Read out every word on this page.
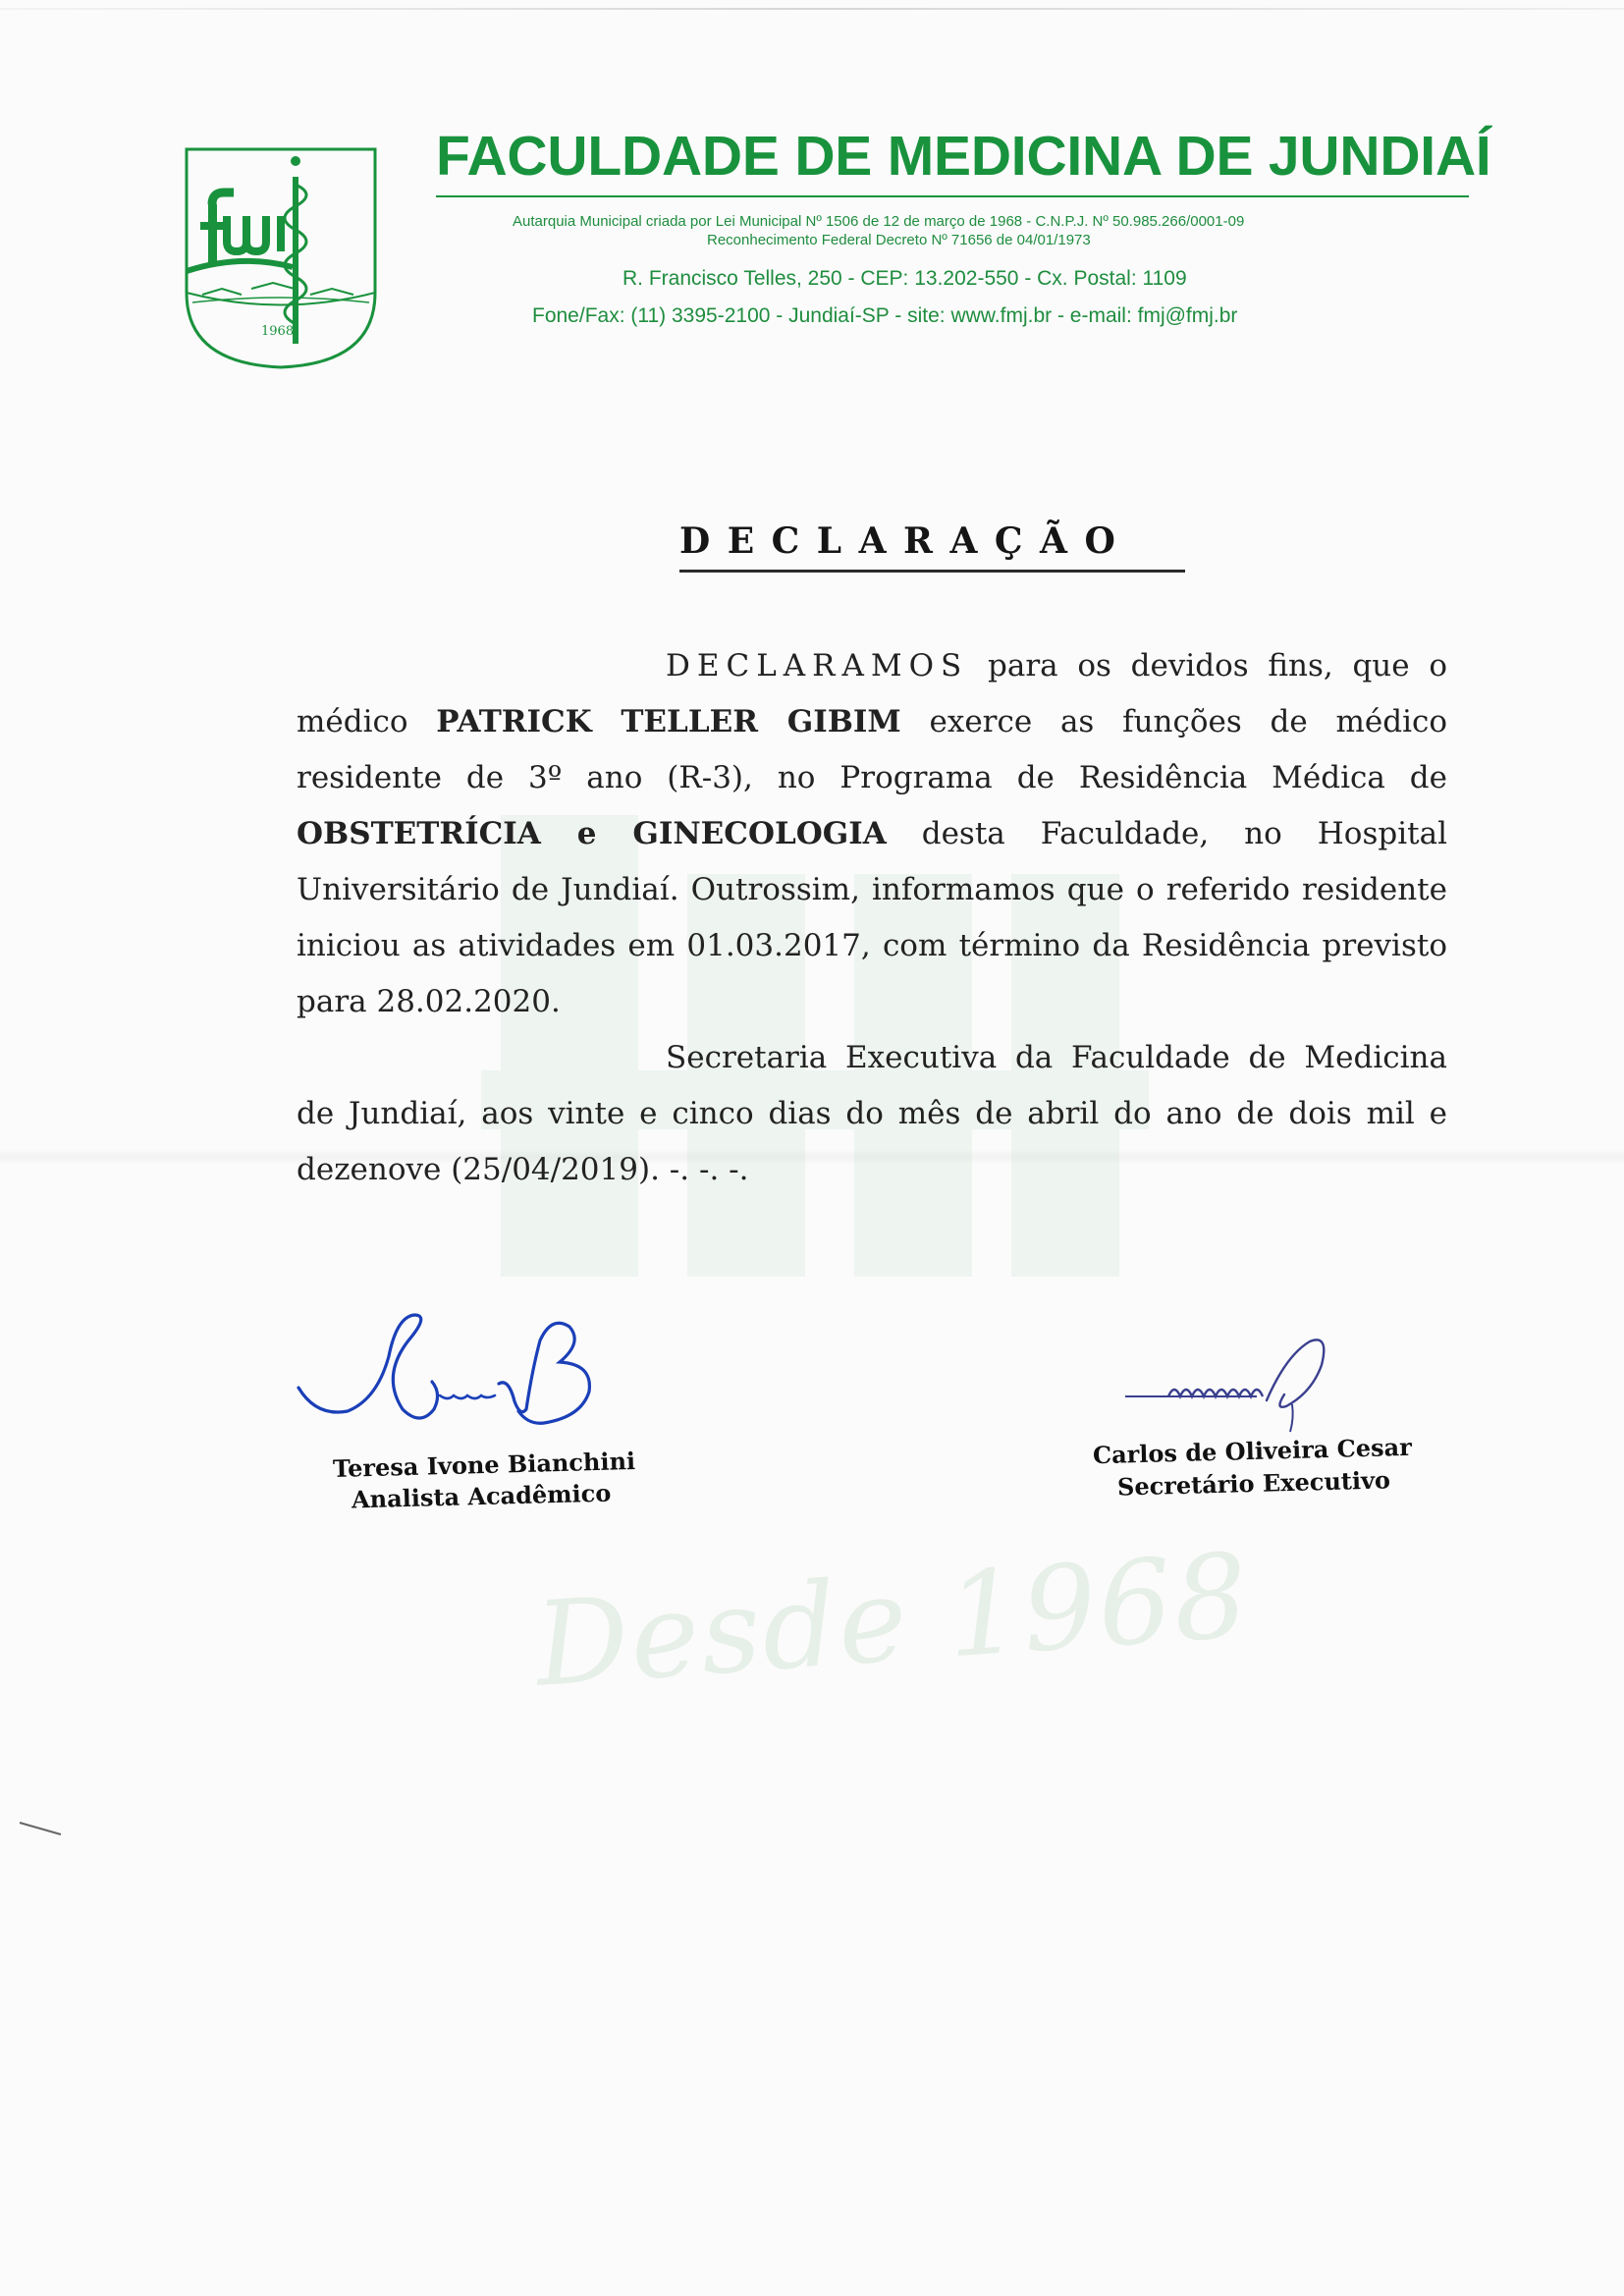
Desde 1968
1968
FACULDADE DE MEDICINA DE JUNDIAÍ
Autarquia Municipal criada por Lei Municipal Nº 1506 de 12 de março de 1968 - C.N.P.J. Nº 50.985.266/0001-09
Reconhecimento Federal Decreto Nº 71656 de 04/01/1973
R. Francisco Telles, 250 - CEP: 13.202-550 - Cx. Postal: 1109
Fone/Fax: (11) 3395-2100 - Jundiaí-SP - site: www.fmj.br - e-mail: fmj@fmj.br
DECLARAÇÃO

DECLARAMOS para os devidos fins, que o médico PATRICK TELLER GIBIM exerce as funções de médico residente de 3º ano (R-3), no Programa de Residência Médica de OBSTETRÍCIA e GINECOLOGIA desta Faculdade, no Hospital Universitário de Jundiaí. Outrossim, informamos que o referido residente iniciou as atividades em 01.03.2017, com término da Residência previsto para 28.02.2020.

Secretaria Executiva da Faculdade de Medicina de Jundiaí, aos vinte e cinco dias do mês de abril do ano de dois mil e dezenove (25/04/2019). -. -. -.

Teresa Ivone Bianchini
Analista Acadêmico
Carlos de Oliveira Cesar
Secretário Executivo
